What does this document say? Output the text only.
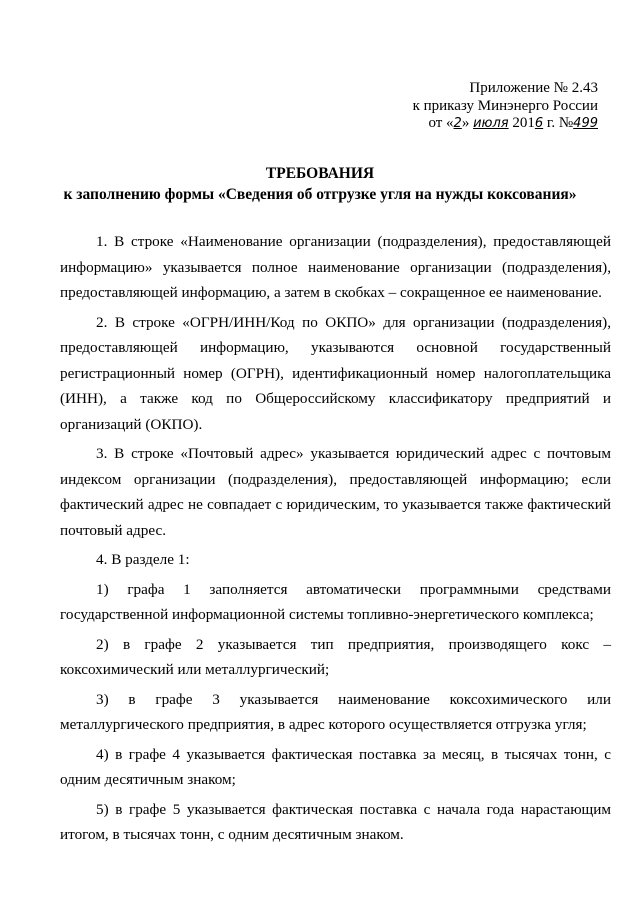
Приложение № 2.43
к приказу Минэнерго России
от «2» июля 2016 г. №499
ТРЕБОВАНИЯ
к заполнению формы «Сведения об отгрузке угля на нужды коксования»

1. В строке «Наименование организации (подразделения), предоставляющей информацию» указывается полное наименование организации (подразделения), предоставляющей информацию, а затем в скобках – сокращенное ее наименование.

2. В строке «ОГРН/ИНН/Код по ОКПО» для организации (подразделения), предоставляющей информацию, указываются основной государственный регистрационный номер (ОГРН), идентификационный номер налогоплательщика (ИНН), а также код по Общероссийскому классификатору предприятий и организаций (ОКПО).

3. В строке «Почтовый адрес» указывается юридический адрес с почтовым индексом организации (подразделения), предоставляющей информацию; если фактический адрес не совпадает с юридическим, то указывается также фактический почтовый адрес.

4. В разделе 1:

1) графа 1 заполняется автоматически программными средствами государственной информационной системы топливно-энергетического комплекса;

2) в графе 2 указывается тип предприятия, производящего кокс – коксохимический или металлургический;

3) в графе 3 указывается наименование коксохимического или металлургического предприятия, в адрес которого осуществляется отгрузка угля;

4) в графе 4 указывается фактическая поставка за месяц, в тысячах тонн, с одним десятичным знаком;

5) в графе 5 указывается фактическая поставка с начала года нарастающим итогом, в тысячах тонн, с одним десятичным знаком.
